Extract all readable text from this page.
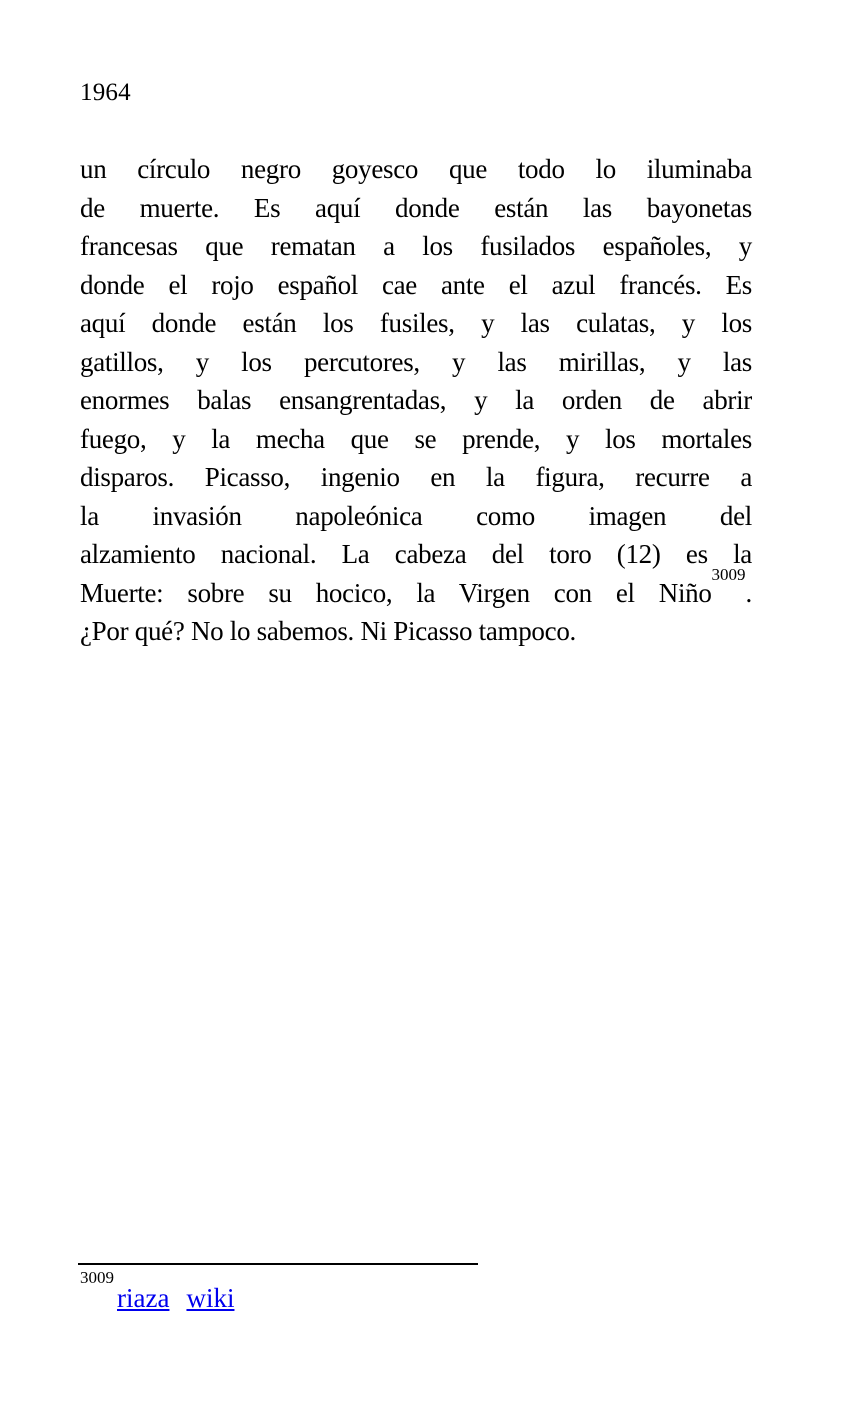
1964
un círculo negro goyesco que todo lo iluminaba
de muerte. Es aquí donde están las bayonetas
francesas que rematan a los fusilados españoles, y
donde el rojo español cae ante el azul francés. Es
aquí donde están los fusiles, y las culatas, y los
gatillos, y los percutores, y las mirillas, y las
enormes balas ensangrentadas, y la orden de abrir
fuego, y la mecha que se prende, y los mortales
disparos. Picasso, ingenio en la figura, recurre a
la invasión napoleónica como imagen del
alzamiento nacional. La cabeza del toro (12) es la
Muerte: sobre su hocico, la Virgen con el Niño$^{3009}$.
¿Por qué? No lo sabemos. Ni Picasso tampoco.
$^{3009}$riaza wiki
